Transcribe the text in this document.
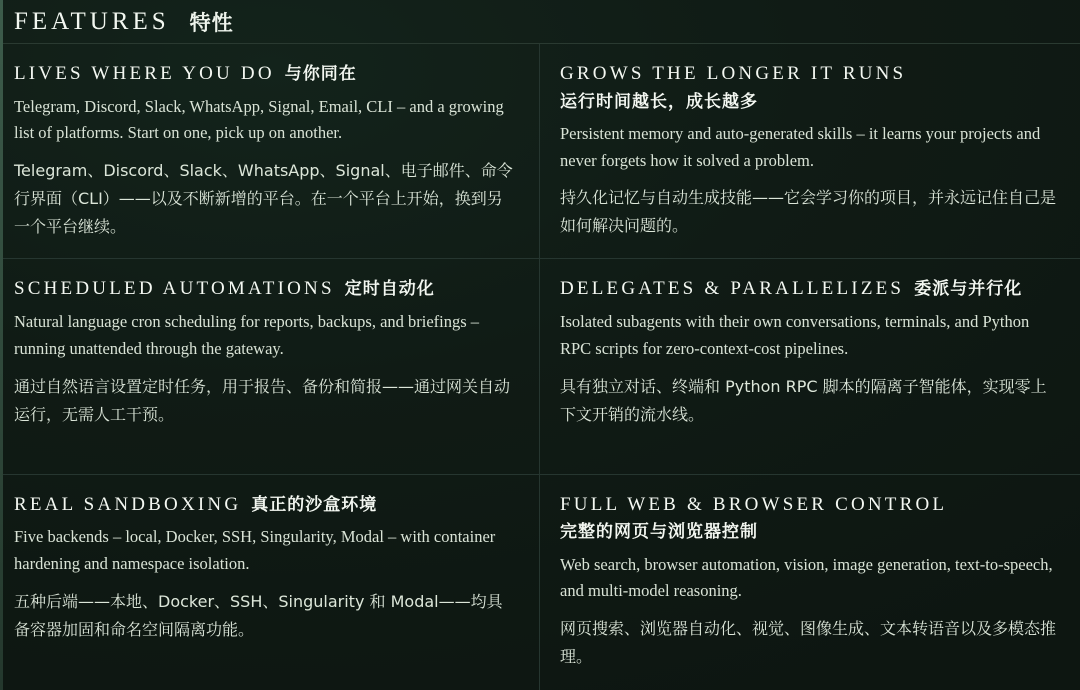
FEATURES 特性
LIVES WHERE YOU DO 与你同在

Telegram, Discord, Slack, WhatsApp, Signal, Email, CLI – and a growing list of platforms. Start on one, pick up on another.

Telegram、Discord、Slack、WhatsApp、Signal、电子邮件、命令行界面（CLI）——以及不断新增的平台。在一个平台上开始，换到另一个平台继续。

GROWS THE LONGER IT RUNS
运行时间越长，成长越多

Persistent memory and auto-generated skills – it learns your projects and never forgets how it solved a problem.

持久化记忆与自动生成技能——它会学习你的项目，并永远记住自己是如何解决问题的。

SCHEDULED AUTOMATIONS 定时自动化

Natural language cron scheduling for reports, backups, and briefings – running unattended through the gateway.

通过自然语言设置定时任务，用于报告、备份和简报——通过网关自动运行，无需人工干预。

DELEGATES & PARALLELIZES 委派与并行化

Isolated subagents with their own conversations, terminals, and Python RPC scripts for zero-context-cost pipelines.

具有独立对话、终端和 Python RPC 脚本的隔离子智能体，实现零上下文开销的流水线。

REAL SANDBOXING 真正的沙盒环境

Five backends – local, Docker, SSH, Singularity, Modal – with container hardening and namespace isolation.

五种后端——本地、Docker、SSH、Singularity 和 Modal——均具备容器加固和命名空间隔离功能。

FULL WEB & BROWSER CONTROL
完整的网页与浏览器控制

Web search, browser automation, vision, image generation, text-to-speech, and multi-model reasoning.

网页搜索、浏览器自动化、视觉、图像生成、文本转语音以及多模态推理。
